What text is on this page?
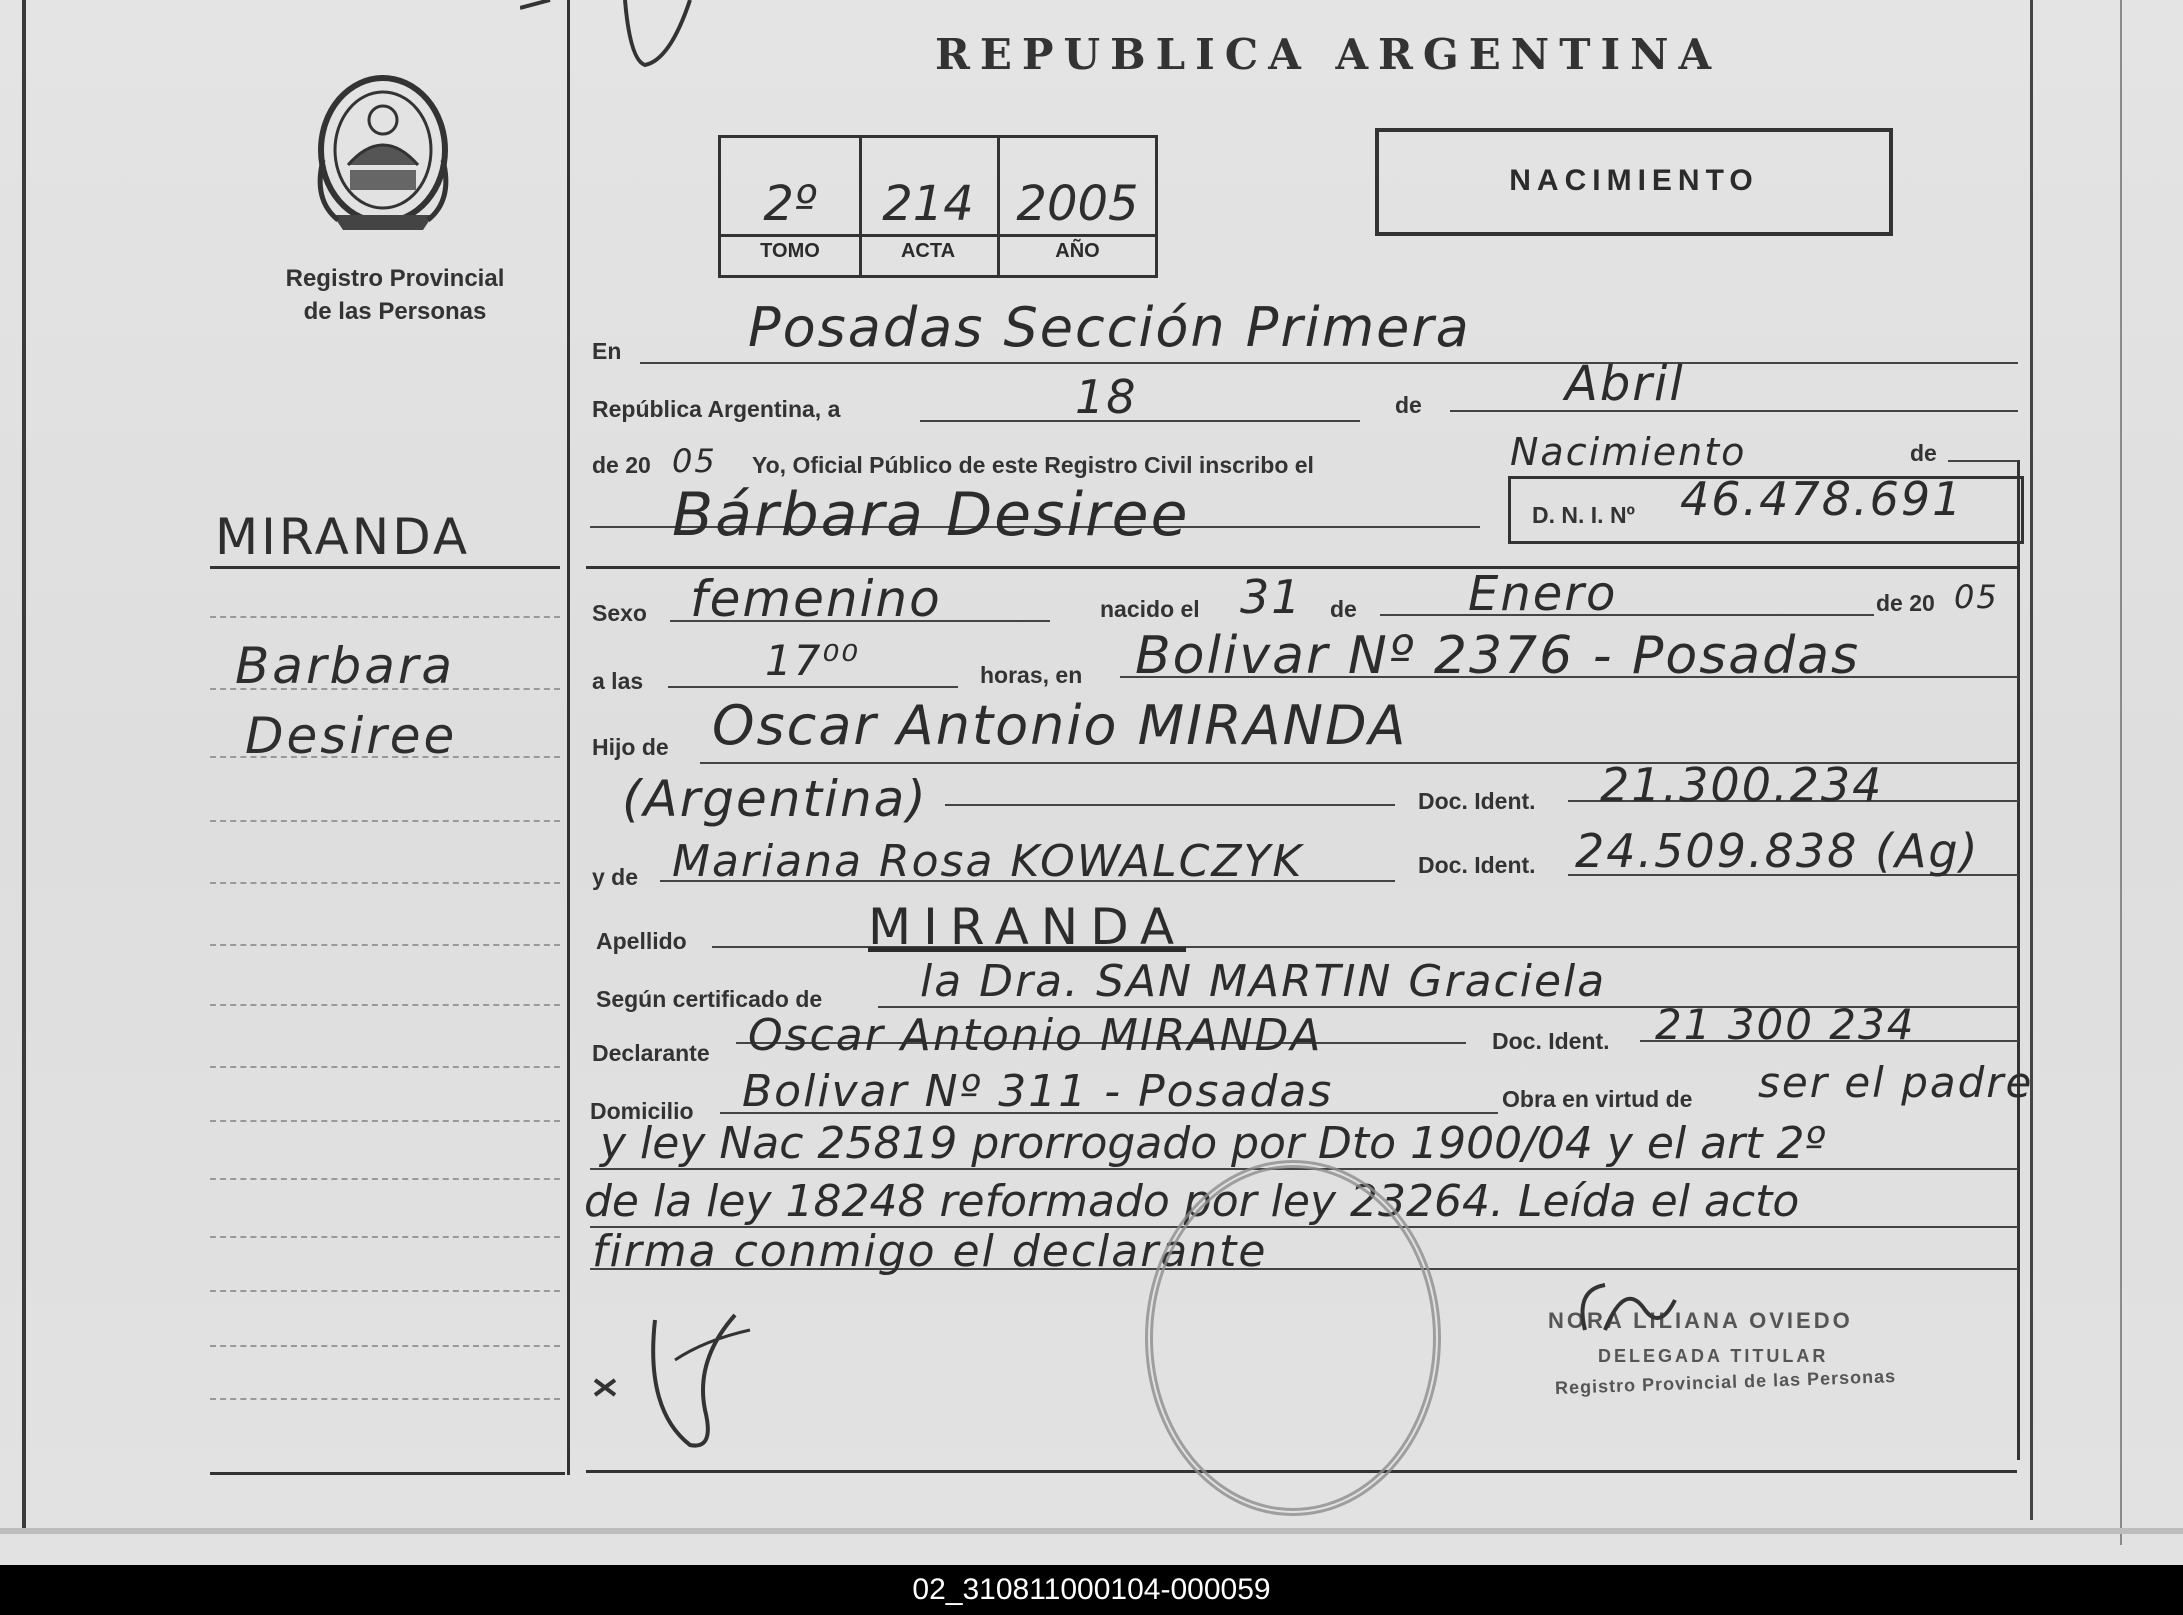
Registro Provincial
de las Personas
MIRANDA
Barbara
Desiree
REPUBLICA ARGENTINA
2º	214 2005
TOMO	ACTA	AÑO
NACIMIENTO
En Posadas Sección Primera
República Argentina, a	18	de	Abril
de 20 05 Yo, Oficial Público de este Registro Civil inscribo el	Nacimiento	de
Bárbara Desiree	D. N. I. Nº 46.478.691
Sexo femenino	nacido el 31 de Enero	de 20 05
a las	17⁰⁰	horas, en Bolivar Nº 2376 - Posadas
Hijo de Oscar Antonio MIRANDA
(Argentina)	Doc. Ident. 21.300.234
y de Mariana Rosa KOWALCZYK	Doc. Ident. 24.509.838 (Ag)
Apellido	MIRANDA
Según certificado de la Dra. SAN MARTIN Graciela
Declarante Oscar Antonio MIRANDA	Doc. Ident. 21 300 234
Domicilio Bolivar Nº 311 - Posadas	Obra en virtud de ser el padre
y ley Nac 25819 prorrogado por Dto 1900/04 y el art 2º
de la ley 18248 reformado por ley 23264. Leída el acto
firma conmigo el declarante
NORA LILIANA OVIEDO
DELEGADA TITULAR
Registro Provincial de las Personas
02_310811000104-000059
